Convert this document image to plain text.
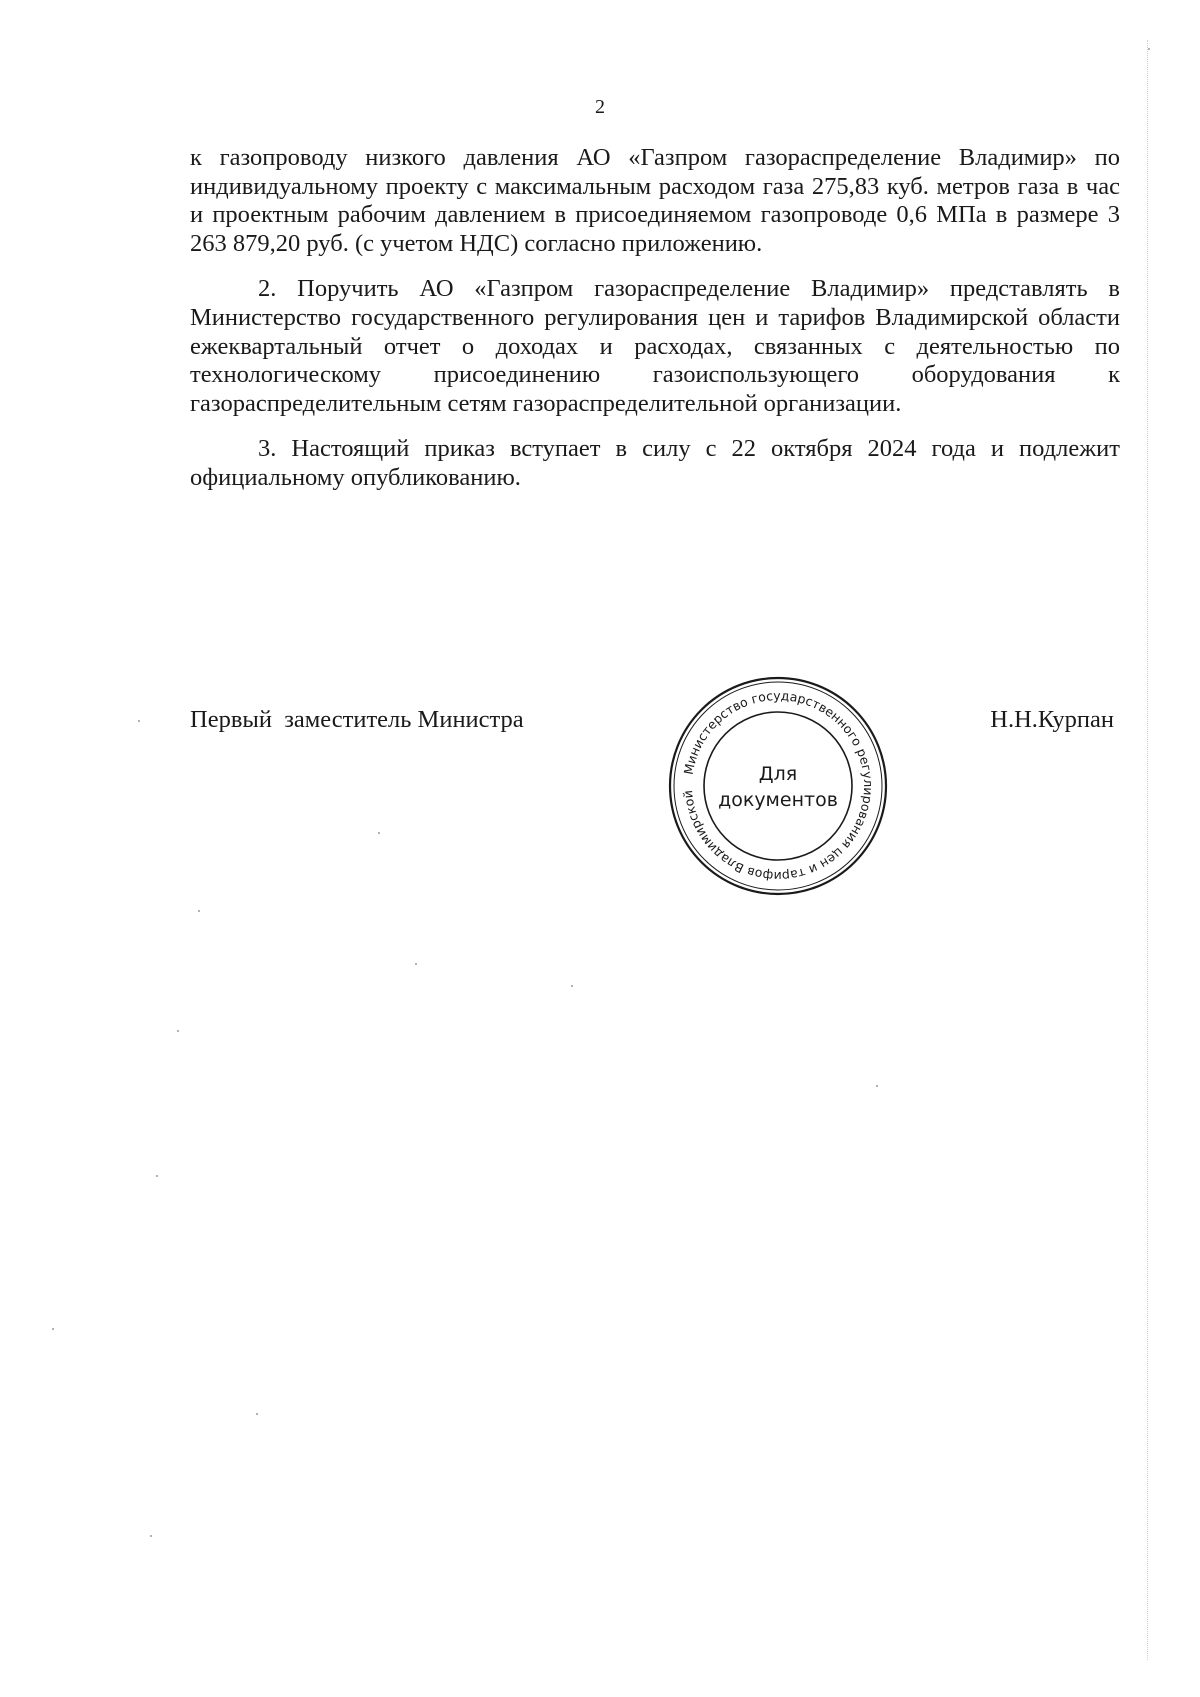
2

к газопроводу низкого давления АО «Газпром газораспределение Владимир» по индивидуальному проекту с максимальным расходом газа 275,83 куб. метров газа в час и проектным рабочим давлением в присоединяемом газопроводе 0,6 МПа в размере 3 263 879,20 руб. (с учетом НДС) согласно приложению.

2. Поручить АО «Газпром газораспределение Владимир» представлять в Министерство государственного регулирования цен и тарифов Владимирской области ежеквартальный отчет о доходах и расходах, связанных с деятельностью по технологическому присоединению газоиспользующего оборудования к газораспределительным сетям газораспределительной организации.

3. Настоящий приказ вступает в силу с 22 октября 2024 года и подлежит официальному опубликованию.

Первый  заместитель Министра	Н.Н.Курпан
Министерство государственного регулирования цен и тарифов Владимирской
Для
документов
